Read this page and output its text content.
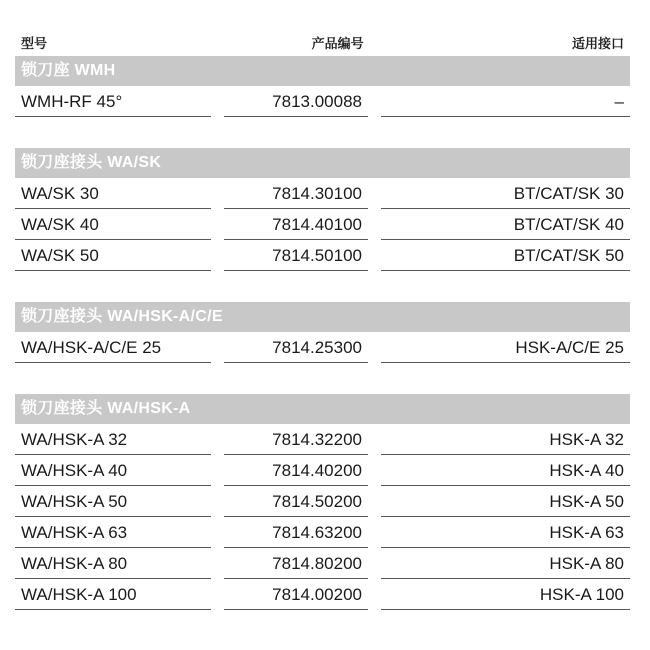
型号	产品编号	适用接口
锁刀座 WMH
WMH-RF 45°	7813.00088	–
锁刀座接头 WA/SK
WA/SK 30	7814.30100	BT/CAT/SK 30
WA/SK 40	7814.40100	BT/CAT/SK 40
WA/SK 50	7814.50100	BT/CAT/SK 50
锁刀座接头 WA/HSK-A/C/E
WA/HSK-A/C/E 25	7814.25300	HSK-A/C/E 25
锁刀座接头 WA/HSK-A
WA/HSK-A 32	7814.32200	HSK-A 32
WA/HSK-A 40	7814.40200	HSK-A 40
WA/HSK-A 50	7814.50200	HSK-A 50
WA/HSK-A 63	7814.63200	HSK-A 63
WA/HSK-A 80	7814.80200	HSK-A 80
WA/HSK-A 100	7814.00200	HSK-A 100
